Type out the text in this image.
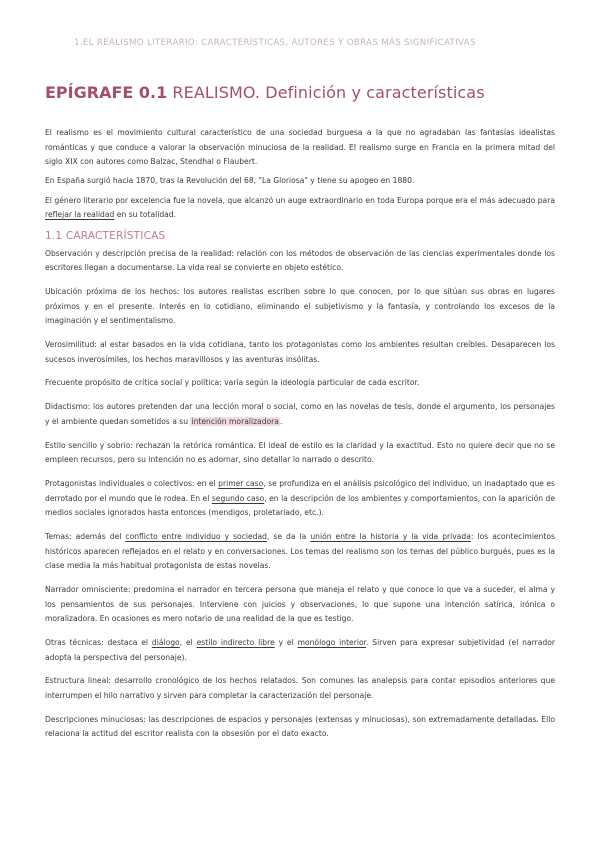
1.EL REALISMO LITERARIO: CARACTERÍSTICAS, AUTORES Y OBRAS MÁS SIGNIFICATIVAS
EPÍGRAFE 0.1 REALISMO. Definición y características

El realismo es el movimiento cultural característico de una sociedad burguesa a la que no agradaban las fantasías idealistas románticas y que conduce a valorar la observación minuciosa de la realidad. El realismo surge en Francia en la primera mitad del siglo XIX con autores como Balzac, Stendhal o Flaubert.

En España surgió hacia 1870, tras la Revolución del 68, "La Gloriosa" y tiene su apogeo en 1880.

El género literario por excelencia fue la novela, que alcanzó un auge extraordinario en toda Europa porque era el más adecuado para reflejar la realidad en su totalidad.

1.1 CARACTERÍSTICAS

Observación y descripción precisa de la realidad: relación con los métodos de observación de las ciencias experimentales donde los escritores llegan a documentarse. La vida real se convierte en objeto estético.

Ubicación próxima de los hechos: los autores realistas escriben sobre lo que conocen, por lo que sitúan sus obras en lugares próximos y en el presente. Interés en lo cotidiano, eliminando el subjetivismo y la fantasía, y controlando los excesos de la imaginación y el sentimentalismo.

Verosimilitud: al estar basados en la vida cotidiana, tanto los protagonistas como los ambientes resultan creíbles. Desaparecen los sucesos inverosímiles, los hechos maravillosos y las aventuras insólitas.

Frecuente propósito de crítica social y política: varía según la ideología particular de cada escritor.

Didactismo: los autores pretenden dar una lección moral o social, como en las novelas de tesis, donde el argumento, los personajes y el ambiente quedan sometidos a su intención moralizadora.

Estilo sencillo y sobrio: rechazan la retórica romántica. El ideal de estilo es la claridad y la exactitud. Esto no quiere decir que no se empleen recursos, pero su intención no es adornar, sino detallar lo narrado o descrito.

Protagonistas individuales o colectivos: en el primer caso, se profundiza en el análisis psicológico del individuo, un inadaptado que es derrotado por el mundo que le rodea. En el segundo caso, en la descripción de los ambientes y comportamientos, con la aparición de medios sociales ignorados hasta entonces (mendigos, proletariado, etc.).

Temas: además del conflicto entre individuo y sociedad, se da la unión entre la historia y la vida privada: los acontecimientos históricos aparecen reflejados en el relato y en conversaciones. Los temas del realismo son los temas del público burgués, pues es la clase media la más habitual protagonista de estas novelas.

Narrador omnisciente: predomina el narrador en tercera persona que maneja el relato y que conoce lo que va a suceder, el alma y los pensamientos de sus personajes. Interviene con juicios y observaciones, lo que supone una intención satírica, irónica o moralizadora. En ocasiones es mero notario de una realidad de la que es testigo.

Otras técnicas: destaca el diálogo, el estilo indirecto libre y el monólogo interior. Sirven para expresar subjetividad (el narrador adopta la perspectiva del personaje).

Estructura lineal: desarrollo cronológico de los hechos relatados. Son comunes las analepsis para contar episodios anteriores que interrumpen el hilo narrativo y sirven para completar la caracterización del personaje.

Descripciones minuciosas: las descripciones de espacios y personajes (extensas y minuciosas), son extremadamente detalladas. Ello relaciona la actitud del escritor realista con la obsesión por el dato exacto.
